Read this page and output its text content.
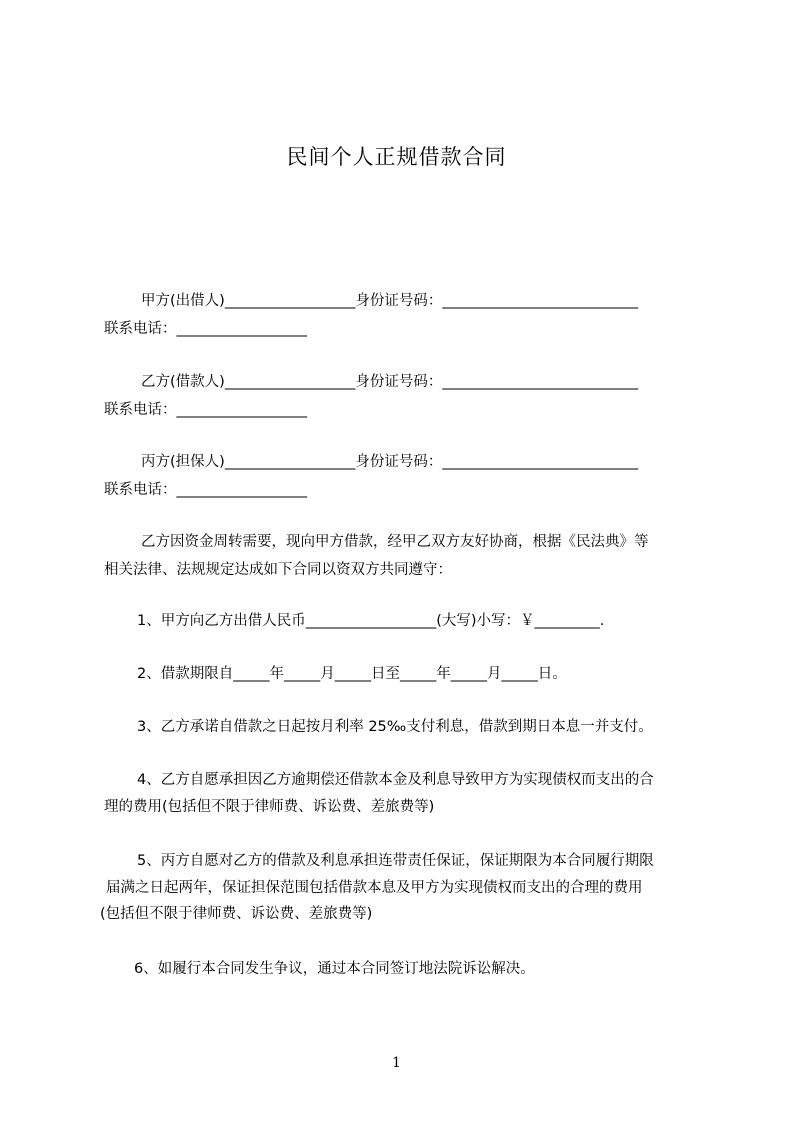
民间个人正规借款合同
甲方(出借人)__________________身份证号码：___________________________
联系电话：__________________
乙方(借款人)__________________身份证号码：___________________________
联系电话：__________________
丙方(担保人)__________________身份证号码：___________________________
联系电话：__________________
乙方因资金周转需要，现向甲方借款，经甲乙双方友好协商，根据《民法典》等
相关法律、法规规定达成如下合同以资双方共同遵守：
1、甲方向乙方出借人民币__________________(大写)小写：￥_________.
2、借款期限自_____年_____月_____日至_____年_____月_____日。
3、乙方承诺自借款之日起按月利率 25‰支付利息，借款到期日本息一并支付。
4、乙方自愿承担因乙方逾期偿还借款本金及利息导致甲方为实现债权而支出的合
理的费用(包括但不限于律师费、诉讼费、差旅费等)
5、丙方自愿对乙方的借款及利息承担连带责任保证，保证期限为本合同履行期限
届满之日起两年，保证担保范围包括借款本息及甲方为实现债权而支出的合理的费用
(包括但不限于律师费、诉讼费、差旅费等)
6、如履行本合同发生争议，通过本合同签订地法院诉讼解决。
1
